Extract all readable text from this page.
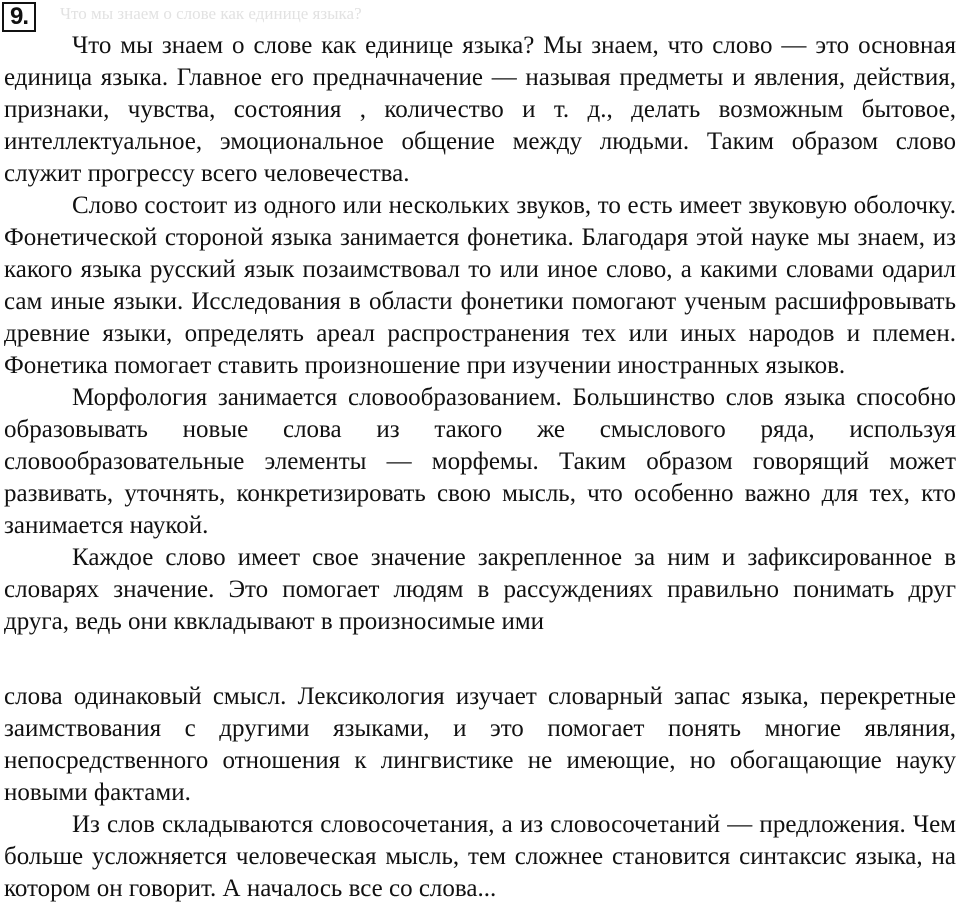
9.	Что мы знаем о слове как единице языка?

Что мы знаем о слове как единице языка? Мы знаем, что слово — это основная единица языка. Главное его предначначение — называя предметы и явления, действия, признаки, чувства, состояния , количество и т. д., делать возможным бытовое, интеллектуальное, эмоциональное общение между людьми. Таким образом слово служит прогрессу всего человечества.

Слово состоит из одного или нескольких звуков, то есть имеет звуковую оболочку. Фонетической стороной языка занимается фонетика. Благодаря этой науке мы знаем, из какого языка русский язык позаимствовал то или иное слово, а какими словами одарил сам иные языки. Исследования в области фонетики помогают ученым расшифровывать древние языки, определять ареал распространения тех или иных народов и племен. Фонетика помогает ставить произношение при изучении иностранных языков.

Морфология занимается словообразованием. Большинство слов языка способно образовывать новые слова из такого же смыслового ряда, используя словообразовательные элементы — морфемы. Таким образом говорящий может развивать, уточнять, конкретизировать свою мысль, что особенно важно для тех, кто занимается наукой.

Каждое слово имеет свое значение закрепленное за ним и зафиксированное в словарях значение. Это помогает людям в рассуждениях правильно понимать друг друга, ведь они квкладывают в произносимые ими

слова одинаковый смысл. Лексикология изучает словарный запас языка, перекретные заимствования с другими языками, и это помогает понять многие являния, непосредственного отношения к лингвистике не имеющие, но обогащающие науку новыми фактами.

Из слов складываются словосочетания, а из словосочетаний — предложения. Чем больше усложняется человеческая мысль, тем сложнее становится синтаксис языка, на котором он говорит. А началось все со слова...
